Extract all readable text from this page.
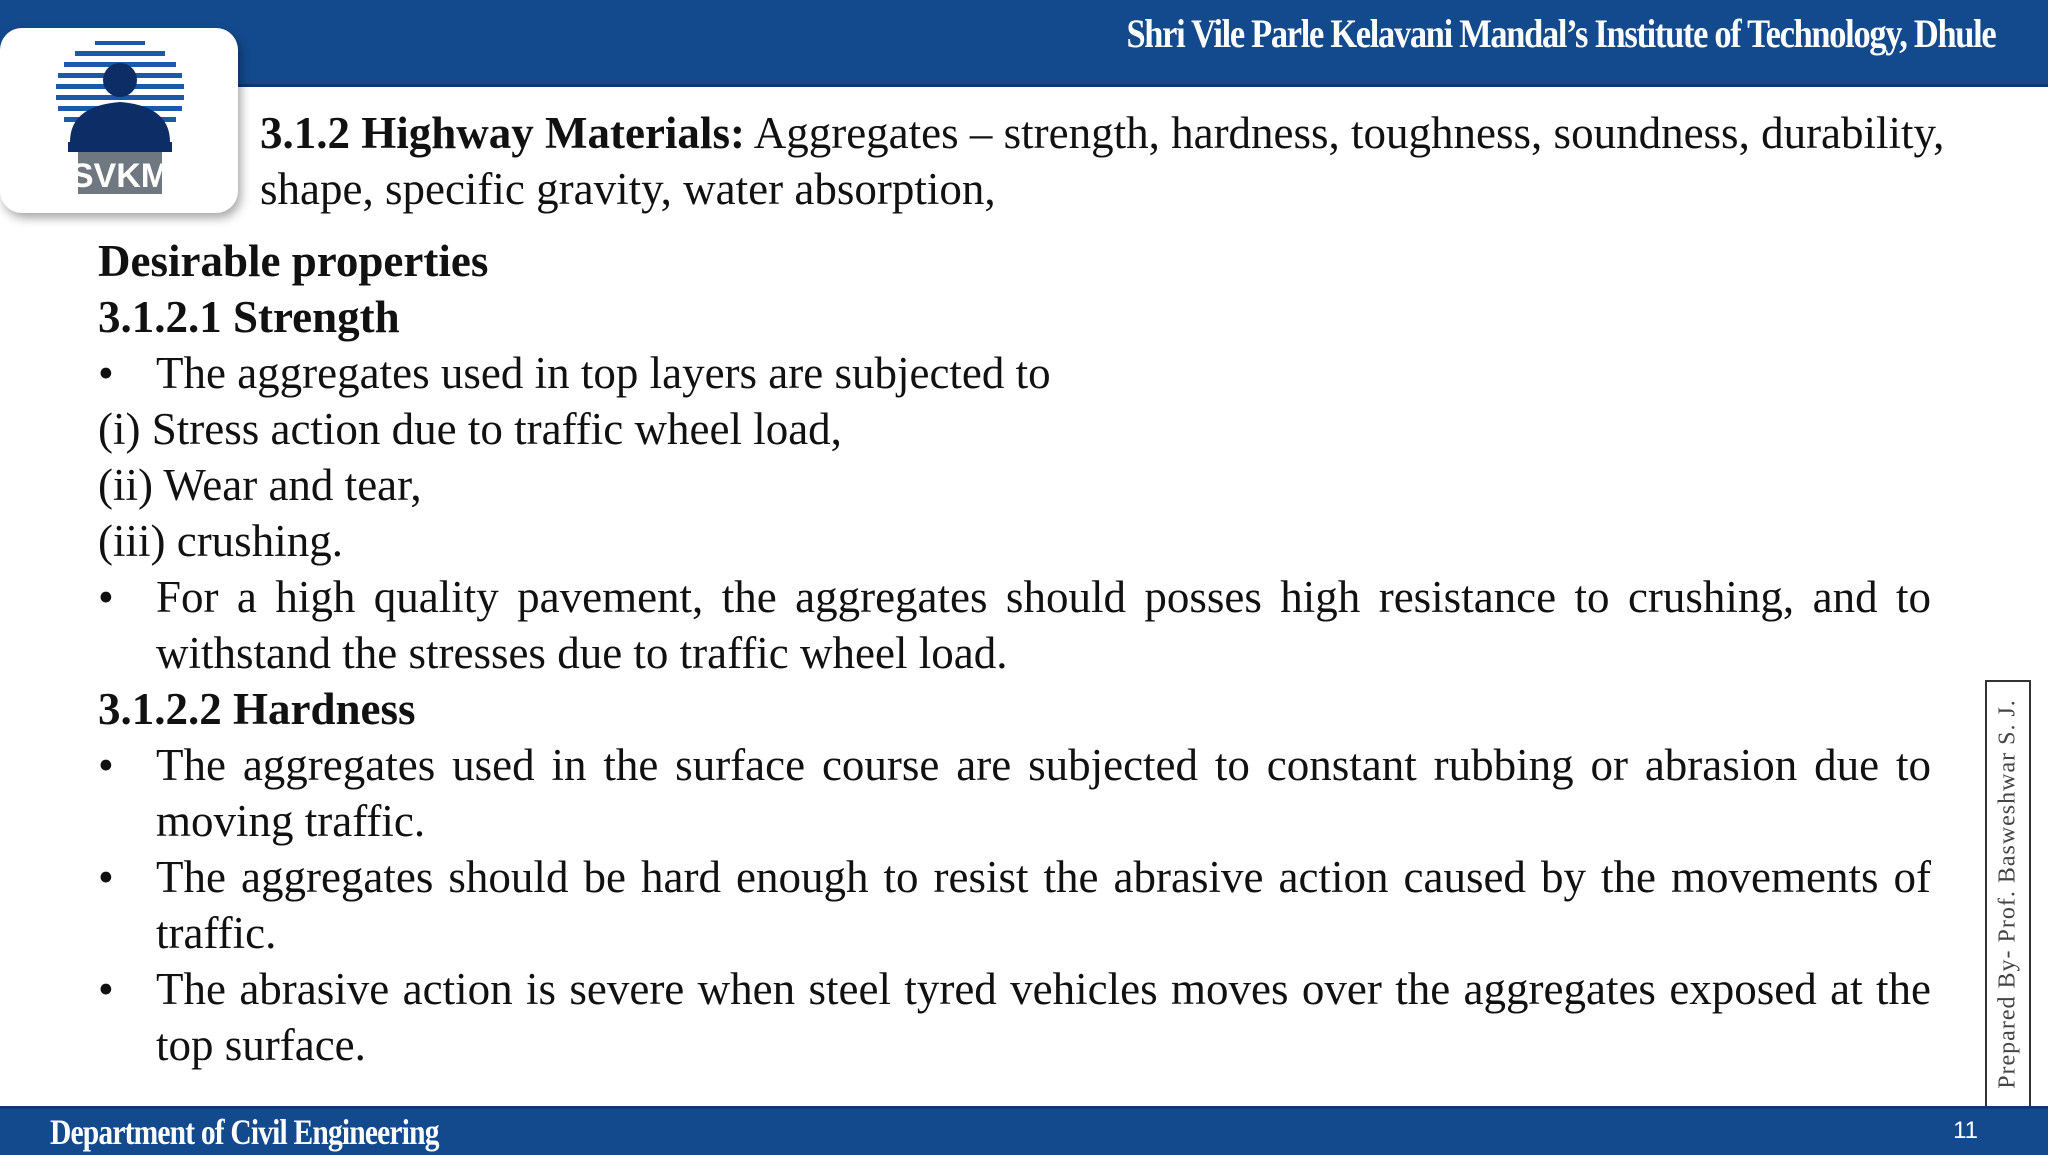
Shri Vile Parle Kelavani Mandal’s Institute of Technology, Dhule
SVKM
3.1.2 Highway Materials: Aggregates – strength, hardness, toughness, soundness, durability, shape, specific gravity, water absorption,
Desirable properties
3.1.2.1 Strength
• The aggregates used in top layers are subjected to
(i) Stress action due to traffic wheel load,
(ii) Wear and tear,
(iii) crushing.
• For a high quality pavement, the aggregates should posses high resistance to crushing, and to withstand the stresses due to traffic wheel load.
3.1.2.2 Hardness
• The aggregates used in the surface course are subjected to constant rubbing or abrasion due to moving traffic.
• The aggregates should be hard enough to resist the abrasive action caused by the movements of traffic.
• The abrasive action is severe when steel tyred vehicles moves over the aggregates exposed at the top surface.	Prepared By- Prof. Basweshwar S. J.
Department of Civil Engineering	11
